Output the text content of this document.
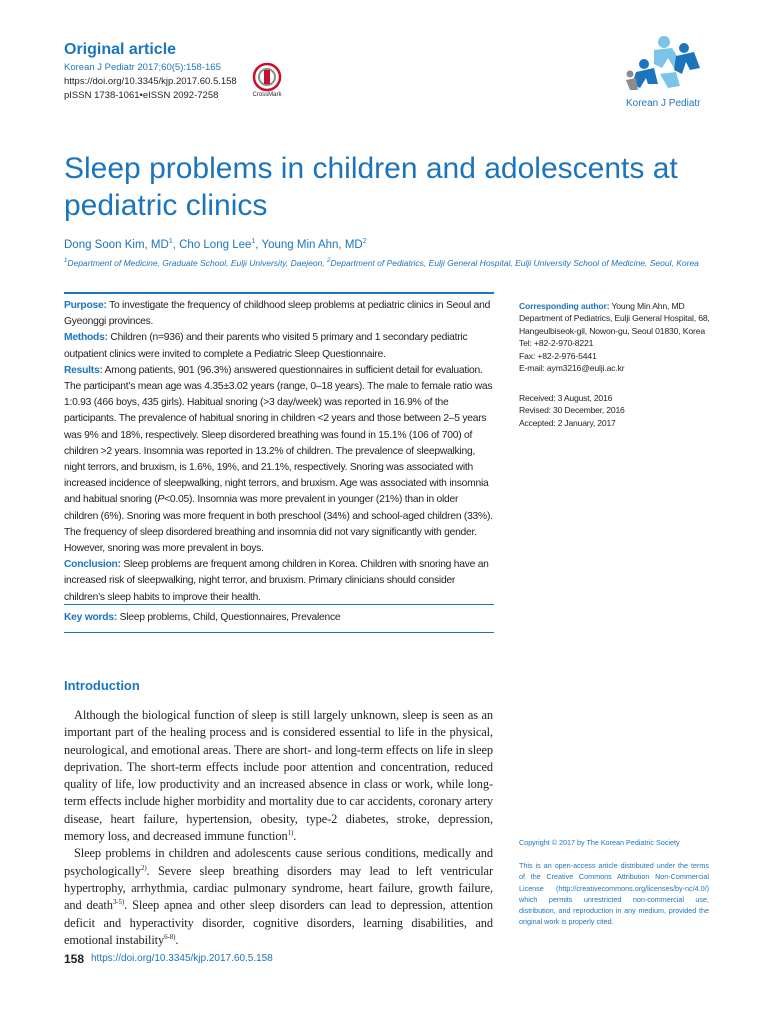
Original article
Korean J Pediatr 2017;60(5):158-165
https://doi.org/10.3345/kjp.2017.60.5.158
pISSN 1738-1061•eISSN 2092-7258	CrossMark
Korean J Pediatr
Sleep problems in children and adolescents at pediatric clinics
Dong Soon Kim, $MD^1$, Cho Long Lee$^1$, Young Min Ahn, $MD^2$
$^1$Department of Medicine, Graduate School, Eulji University, Daejeon, $^2$Department of Pediatrics, Eulji General Hospital, Eulji University School of Medicine, Seoul, Korea

Purpose: To investigate the frequency of childhood sleep problems at pediatric clinics in Seoul and Gyeonggi provinces.

Methods: Children (n=936) and their parents who visited 5 primary and 1 secondary pediatric outpatient clinics were invited to complete a Pediatric Sleep Questionnaire.

Results: Among patients, 901 (96.3%) answered questionnaires in sufficient detail for evaluation. The participant’s mean age was 4.35±3.02 years (range, 0–18 years). The male to female ratio was 1:0.93 (466 boys, 435 girls). Habitual snoring (>3 day/week) was reported in 16.9% of the participants. The prevalence of habitual snoring in children <2 years and those between 2–5 years was 9% and 18%, respectively. Sleep disordered breathing was found in 15.1% (106 of 700) of children >2 years. Insomnia was reported in 13.2% of children. The prevalence of sleepwalking, night terrors, and bruxism, is 1.6%, 19%, and 21.1%, respectively. Snoring was associated with increased incidence of sleepwalking, night terrors, and bruxism. Age was associated with insomnia and habitual snoring (P<0.05). Insomnia was more prevalent in younger (21%) than in older children (6%). Snoring was more frequent in both preschool (34%) and school-aged children (33%). The frequency of sleep disordered breathing and insomnia did not vary significantly with gender. However, snoring was more prevalent in boys.

Conclusion: Sleep problems are frequent among children in Korea. Children with snoring have an increased risk of sleepwalking, night terror, and bruxism. Primary clinicians should consider children’s sleep habits to improve their health.

Key words: Sleep problems, Child, Questionnaires, Prevalence
Corresponding author: Young Min Ahn, MD
Department of Pediatrics, Eulji General Hospital, 68,
Hangeulbiseok-gil, Nowon-gu, Seoul 01830, Korea
Tel: +82-2-970-8221
Fax: +82-2-976-5441
E-mail: aym3216@eulji.ac.kr
Received: 3 August, 2016
Revised: 30 December, 2016
Accepted: 2 January, 2017
Introduction

Although the biological function of sleep is still largely unknown, sleep is seen as an important part of the healing process and is considered essential to life in the physical, neurological, and emotional areas. There are short- and long-term effects on life in sleep deprivation. The short-term effects include poor attention and concentration, reduced quality of life, low productivity and an increased absence in class or work, while long-term effects include higher morbidity and mortality due to car accidents, coronary artery disease, heart failure, hypertension, obesity, type-2 diabetes, stroke, depression, memory loss, and decreased immune function$^{1)}$.

Sleep problems in children and adolescents cause serious conditions, medically and psychologically$^{2)}$. Severe sleep breathing disorders may lead to left ventricular hypertrophy, arrhythmia, cardiac pulmonary syndrome, heart failure, growth failure, and death$^{3-5)}$. Sleep apnea and other sleep disorders can lead to depression, attention deficit and hyperactivity disorder, cognitive disorders, learning disabilities, and emotional instability$^{6-8)}$.

Copyright © 2017 by The Korean Pediatric Society
This is an open-access article distributed under the terms of the Creative Commons Attribution Non-Commercial License (http://creativecommons.org/licenses/by-nc/4.0/) which permits unrestricted non-commercial use, distribution, and reproduction in any medium, provided the original work is properly cited.
158 https://doi.org/10.3345/kjp.2017.60.5.158
